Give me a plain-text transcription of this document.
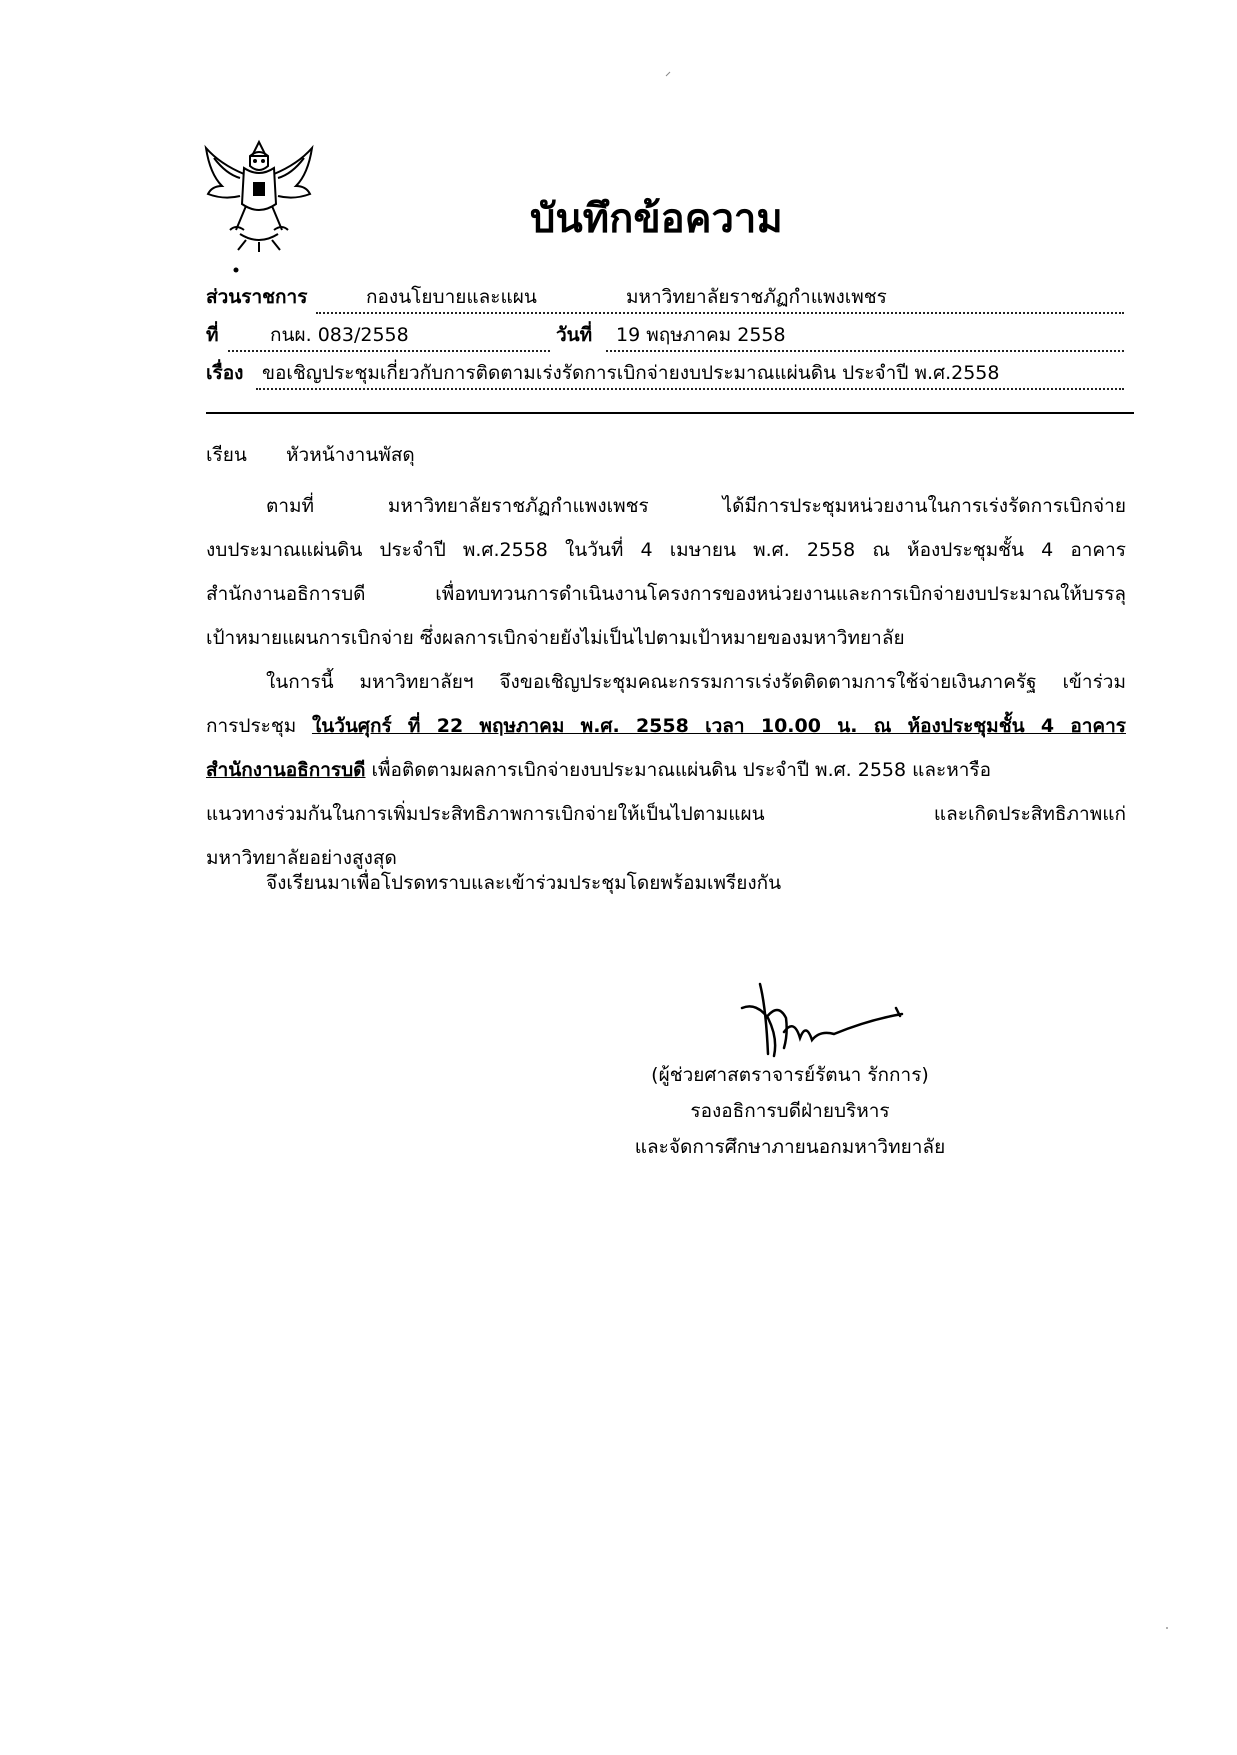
บันทึกข้อความ
ส่วนราชการ	กองนโยบายและแผน	มหาวิทยาลัยราชภัฏกำแพงเพชร
ที่	กนผ. 083/2558	วันที่ 19 พฤษภาคม 2558
เรื่อง ขอเชิญประชุมเกี่ยวกับการติดตามเร่งรัดการเบิกจ่ายงบประมาณแผ่นดิน ประจำปี พ.ศ.2558
เรียน หัวหน้างานพัสดุ
ตามที่ มหาวิทยาลัยราชภัฏกำแพงเพชร ได้มีการประชุมหน่วยงานในการเร่งรัดการเบิกจ่าย
งบประมาณแผ่นดิน ประจำปี พ.ศ.2558 ในวันที่ 4 เมษายน พ.ศ. 2558 ณ ห้องประชุมชั้น 4 อาคาร
สำนักงานอธิการบดี เพื่อทบทวนการดำเนินงานโครงการของหน่วยงานและการเบิกจ่ายงบประมาณให้บรรลุ
เป้าหมายแผนการเบิกจ่าย ซึ่งผลการเบิกจ่ายยังไม่เป็นไปตามเป้าหมายของมหาวิทยาลัย
ในการนี้ มหาวิทยาลัยฯ จึงขอเชิญประชุมคณะกรรมการเร่งรัดติดตามการใช้จ่ายเงินภาครัฐ เข้าร่วม
การประชุม ในวันศุกร์ ที่ 22 พฤษภาคม พ.ศ. 2558 เวลา 10.00 น. ณ ห้องประชุมชั้น 4 อาคาร
สำนักงานอธิการบดี เพื่อติดตามผลการเบิกจ่ายงบประมาณแผ่นดิน ประจำปี พ.ศ. 2558 และหารือ
แนวทางร่วมกันในการเพิ่มประสิทธิภาพการเบิกจ่ายให้เป็นไปตามแผน และเกิดประสิทธิภาพแก่
มหาวิทยาลัยอย่างสูงสุด
จึงเรียนมาเพื่อโปรดทราบและเข้าร่วมประชุมโดยพร้อมเพรียงกัน
(ผู้ช่วยศาสตราจารย์รัตนา รักการ)
รองอธิการบดีฝ่ายบริหาร
และจัดการศึกษาภายนอกมหาวิทยาลัย
